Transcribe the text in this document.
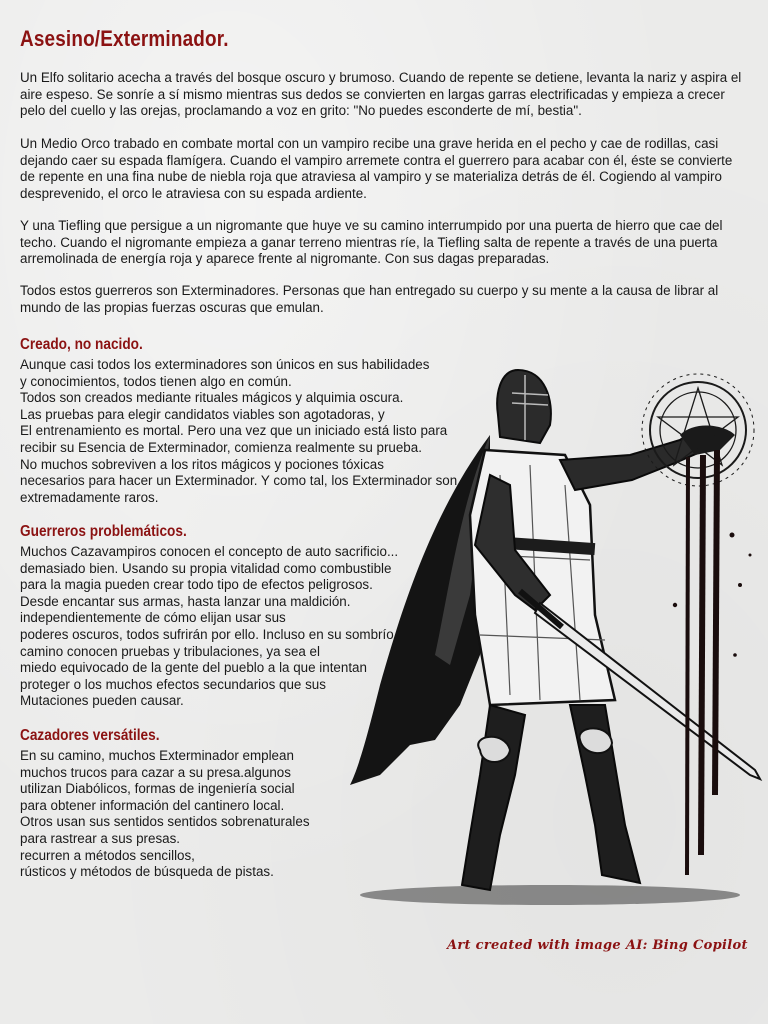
Asesino/Exterminador.

Un Elfo solitario acecha a través del bosque oscuro y brumoso. Cuando de repente se detiene, levanta la nariz y aspira el aire espeso. Se sonríe a sí mismo mientras sus dedos se convierten en largas garras electrificadas y empieza a crecer pelo del cuello y las orejas, proclamando a voz en grito: "No puedes esconderte de mí, bestia".

Un Medio Orco trabado en combate mortal con un vampiro recibe una grave herida en el pecho y cae de rodillas, casi dejando caer su espada flamígera. Cuando el vampiro arremete contra el guerrero para acabar con él, éste se convierte de repente en una fina nube de niebla roja que atraviesa al vampiro y se materializa detrás de él. Cogiendo al vampiro desprevenido, el orco le atraviesa con su espada ardiente.

Y una Tiefling que persigue a un nigromante que huye ve su camino interrumpido por una puerta de hierro que cae del techo. Cuando el nigromante empieza a ganar terreno mientras ríe, la Tiefling salta de repente a través de una puerta arremolinada de energía roja y aparece frente al nigromante. Con sus dagas preparadas.

Todos estos guerreros son Exterminadores. Personas que han entregado su cuerpo y su mente a la causa de librar al mundo de las propias fuerzas oscuras que emulan.

Creado, no nacido.
Aunque casi todos los exterminadores son únicos en sus habilidades
y conocimientos, todos tienen algo en común.
Todos son creados mediante rituales mágicos y alquimia oscura.
Las pruebas para elegir candidatos viables son agotadoras, y
El entrenamiento es mortal. Pero una vez que un iniciado está listo para
recibir su Esencia de Exterminador, comienza realmente su prueba.
No muchos sobreviven a los ritos mágicos y pociones tóxicas
necesarios para hacer un Exterminador. Y como tal, los Exterminador son
extremadamente raros.
Guerreros problemáticos.
Muchos Cazavampiros conocen el concepto de auto sacrificio...
demasiado bien. Usando su propia vitalidad como combustible
para la magia pueden crear todo tipo de efectos peligrosos.
Desde encantar sus armas, hasta lanzar una maldición.
independientemente de cómo elijan usar sus
poderes oscuros, todos sufrirán por ello. Incluso en su sombrío
camino conocen pruebas y tribulaciones, ya sea el
miedo equivocado de la gente del pueblo a la que intentan
proteger o los muchos efectos secundarios que sus
Mutaciones pueden causar.
Cazadores versátiles.
En su camino, muchos Exterminador emplean
muchos trucos para cazar a su presa.algunos
utilizan Diabólicos, formas de ingeniería social
para obtener información del cantinero local.
Otros usan sus sentidos sentidos sobrenaturales
para rastrear a sus presas.
recurren a métodos sencillos,
rústicos y métodos de búsqueda de pistas.
Art created with image AI: Bing Copilot
